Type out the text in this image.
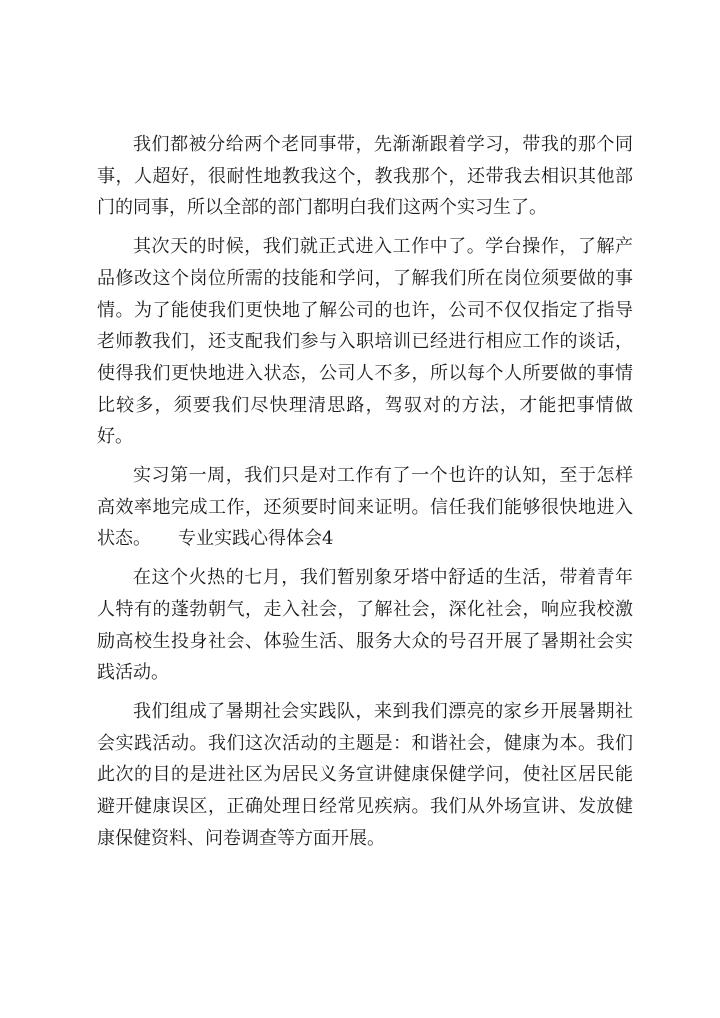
我们都被分给两个老同事带，先渐渐跟着学习，带我的那个同事，人超好，很耐性地教我这个，教我那个，还带我去相识其他部门的同事，所以全部的部门都明白我们这两个实习生了。

其次天的时候，我们就正式进入工作中了。学台操作，了解产品修改这个岗位所需的技能和学问，了解我们所在岗位须要做的事情。为了能使我们更快地了解公司的也许，公司不仅仅指定了指导老师教我们，还支配我们参与入职培训已经进行相应工作的谈话，使得我们更快地进入状态，公司人不多，所以每个人所要做的事情比较多，须要我们尽快理清思路，驾驭对的方法，才能把事情做好。

实习第一周，我们只是对工作有了一个也许的认知，至于怎样高效率地完成工作，还须要时间来证明。信任我们能够很快地进入状态。　　专业实践心得体会4

在这个火热的七月，我们暂别象牙塔中舒适的生活，带着青年人特有的蓬勃朝气，走入社会，了解社会，深化社会，响应我校激励高校生投身社会、体验生活、服务大众的号召开展了暑期社会实践活动。

我们组成了暑期社会实践队，来到我们漂亮的家乡开展暑期社会实践活动。我们这次活动的主题是：和谐社会，健康为本。我们此次的目的是进社区为居民义务宣讲健康保健学问，使社区居民能避开健康误区，正确处理日经常见疾病。我们从外场宣讲、发放健康保健资料、问卷调查等方面开展。
